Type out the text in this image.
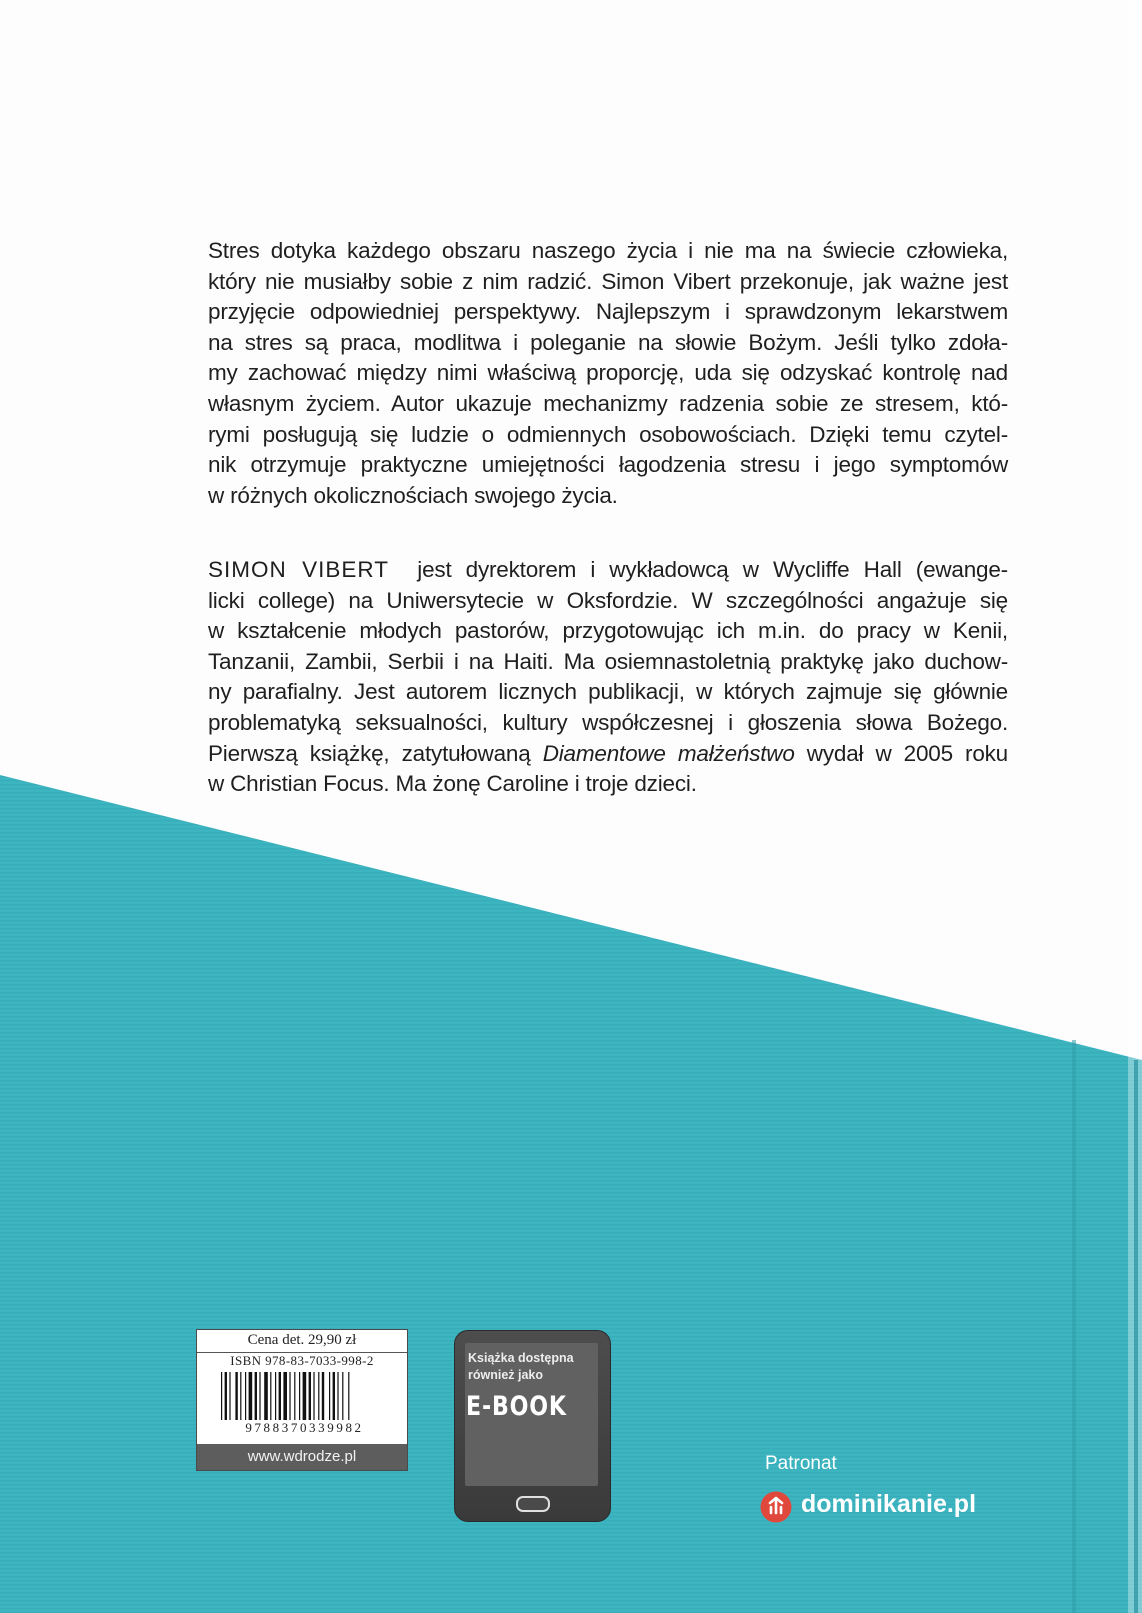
Stres dotyka każdego obszaru naszego życia i nie ma na świecie człowieka,
który nie musiałby sobie z nim radzić. Simon Vibert przekonuje, jak ważne jest
przyjęcie odpowiedniej perspektywy. Najlepszym i sprawdzonym lekarstwem
na stres są praca, modlitwa i poleganie na słowie Bożym. Jeśli tylko zdoła-
my zachować między nimi właściwą proporcję, uda się odzyskać kontrolę nad
własnym życiem. Autor ukazuje mechanizmy radzenia sobie ze stresem, któ-
rymi posługują się ludzie o odmiennych osobowościach. Dzięki temu czytel-
nik otrzymuje praktyczne umiejętności łagodzenia stresu i jego symptomów
w różnych okolicznościach swojego życia.
SIMON VIBERT jest dyrektorem i wykładowcą w Wycliffe Hall (ewange-
licki college) na Uniwersytecie w Oksfordzie. W szczególności angażuje się
w kształcenie młodych pastorów, przygotowując ich m.in. do pracy w Kenii,
Tanzanii, Zambii, Serbii i na Haiti. Ma osiemnastoletnią praktykę jako duchow-
ny parafialny. Jest autorem licznych publikacji, w których zajmuje się głównie
problematyką seksualności, kultury współczesnej i głoszenia słowa Bożego.
Pierwszą książkę, zatytułowaną Diamentowe małżeństwo wydał w 2005 roku
w Christian Focus. Ma żonę Caroline i troje dzieci.
Cena det. 29,90 zł
ISBN 978-83-7033-998-2
9788370339982
www.wdrodze.pl
Książka dostępna
również jako
E-BOOK
Patronat
dominikanie.pl
